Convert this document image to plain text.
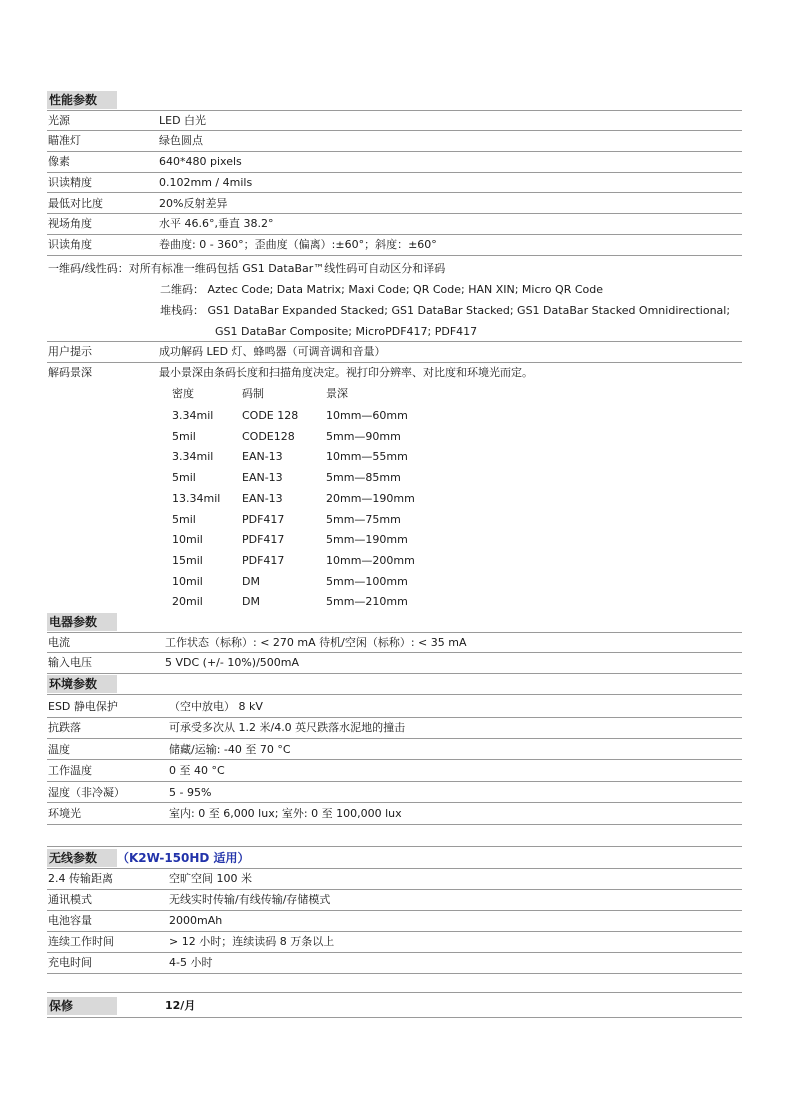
性能参数
光源	LED 白光
瞄准灯	绿色圆点
像素	640*480 pixels
识读精度	0.102mm / 4mils
最低对比度	20%反射差异
视场角度	水平 46.6°,垂直 38.2°
识读角度	卷曲度: 0 - 360°；歪曲度（偏离）:±60°；斜度：±60°
一维码/线性码：对所有标准一维码包括 GS1 DataBar™线性码可自动区分和译码
二维码： Aztec Code; Data Matrix; Maxi Code; QR Code; HAN XIN; Micro QR Code
堆栈码： GS1 DataBar Expanded Stacked; GS1 DataBar Stacked; GS1 DataBar Stacked Omnidirectional;
GS1 DataBar Composite; MicroPDF417; PDF417
用户提示	成功解码 LED 灯、蜂鸣器（可调音调和音量）
解码景深	最小景深由条码长度和扫描角度决定。视打印分辨率、对比度和环境光而定。
密度	码制	景深
3.34mil	CODE 128	10mm—60mm
5mil	CODE128	5mm—90mm
3.34mil	EAN-13	10mm—55mm
5mil	EAN-13	5mm—85mm
13.34mil EAN-13	20mm—190mm
5mil	PDF417	5mm—75mm
10mil	PDF417	5mm—190mm
15mil	PDF417	10mm—200mm
10mil	DM	5mm—100mm
20mil	DM	5mm—210mm
电器参数
电流	工作状态（标称）: < 270 mA 待机/空闲（标称）: < 35 mA
输入电压	5 VDC (+/- 10%)/500mA
环境参数
ESD 静电保护	（空中放电） 8 kV
抗跌落	可承受多次从 1.2 米/4.0 英尺跌落水泥地的撞击
温度	储藏/运输: -40 至 70 °C
工作温度	0 至 40 °C
湿度（非冷凝）	5 - 95%
环境光	室内: 0 至 6,000 lux; 室外: 0 至 100,000 lux
无线参数 （K2W-150HD 适用）
2.4 传输距离	空旷空间 100 米
通讯模式	无线实时传输/有线传输/存储模式
电池容量	2000mAh
连续工作时间	> 12 小时；连续读码 8 万条以上
充电时间	4-5 小时
保修	12/月
